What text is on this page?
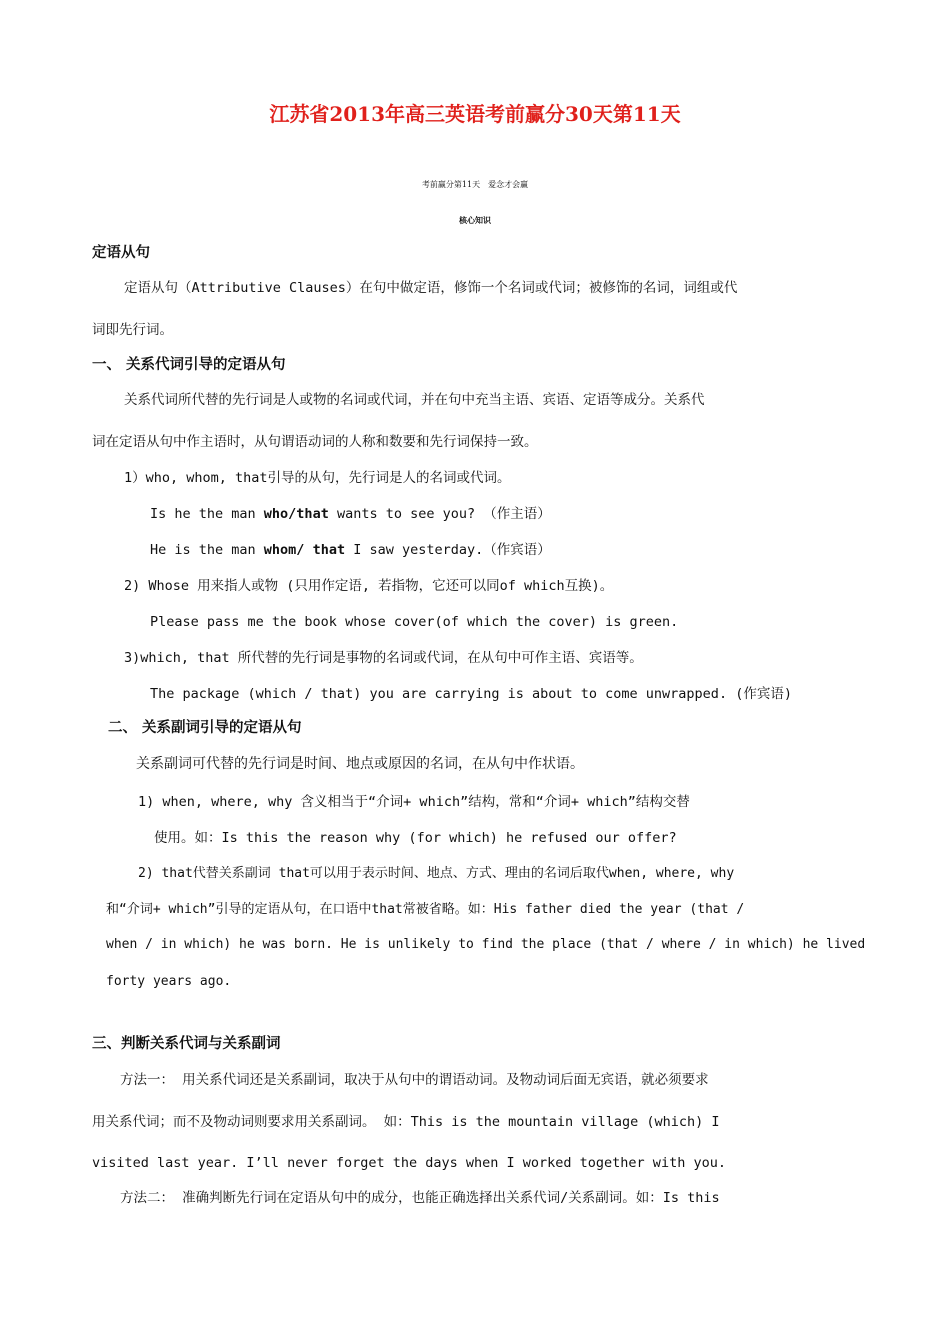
江苏省2013年高三英语考前赢分30天第11天
考前赢分第11天　爱念才会赢
核心知识
定语从句
定语从句（Attributive Clauses）在句中做定语，修饰一个名词或代词；被修饰的名词，词组或代
词即先行词。
一、 关系代词引导的定语从句
关系代词所代替的先行词是人或物的名词或代词，并在句中充当主语、宾语、定语等成分。关系代
词在定语从句中作主语时，从句谓语动词的人称和数要和先行词保持一致。
1）who, whom, that引导的从句，先行词是人的名词或代词。
Is he the man who/that wants to see you? （作主语）
He is the man whom/ that I saw yesterday.（作宾语）
2) Whose 用来指人或物 (只用作定语, 若指物，它还可以同of which互换)。
Please pass me the book whose cover(of which the cover) is green.
3)which, that 所代替的先行词是事物的名词或代词，在从句中可作主语、宾语等。
The package (which / that) you are carrying is about to come unwrapped. (作宾语)
二、 关系副词引导的定语从句
关系副词可代替的先行词是时间、地点或原因的名词，在从句中作状语。
1) when, where, why 含义相当于“介词+ which”结构，常和“介词+ which”结构交替
使用。如：Is this the reason why (for which) he refused our offer?
2) that代替关系副词 that可以用于表示时间、地点、方式、理由的名词后取代when, where, why
和“介词+ which”引导的定语从句，在口语中that常被省略。如：His father died the year (that /
when / in which) he was born. He is unlikely to find the place (that / where / in which) he lived
forty years ago.
三、判断关系代词与关系副词
方法一： 用关系代词还是关系副词，取决于从句中的谓语动词。及物动词后面无宾语，就必须要求
用关系代词；而不及物动词则要求用关系副词。 如：This is the mountain village (which) I
visited last year. I’ll never forget the days when I worked together with you.
方法二： 准确判断先行词在定语从句中的成分，也能正确选择出关系代词/关系副词。如：Is this
